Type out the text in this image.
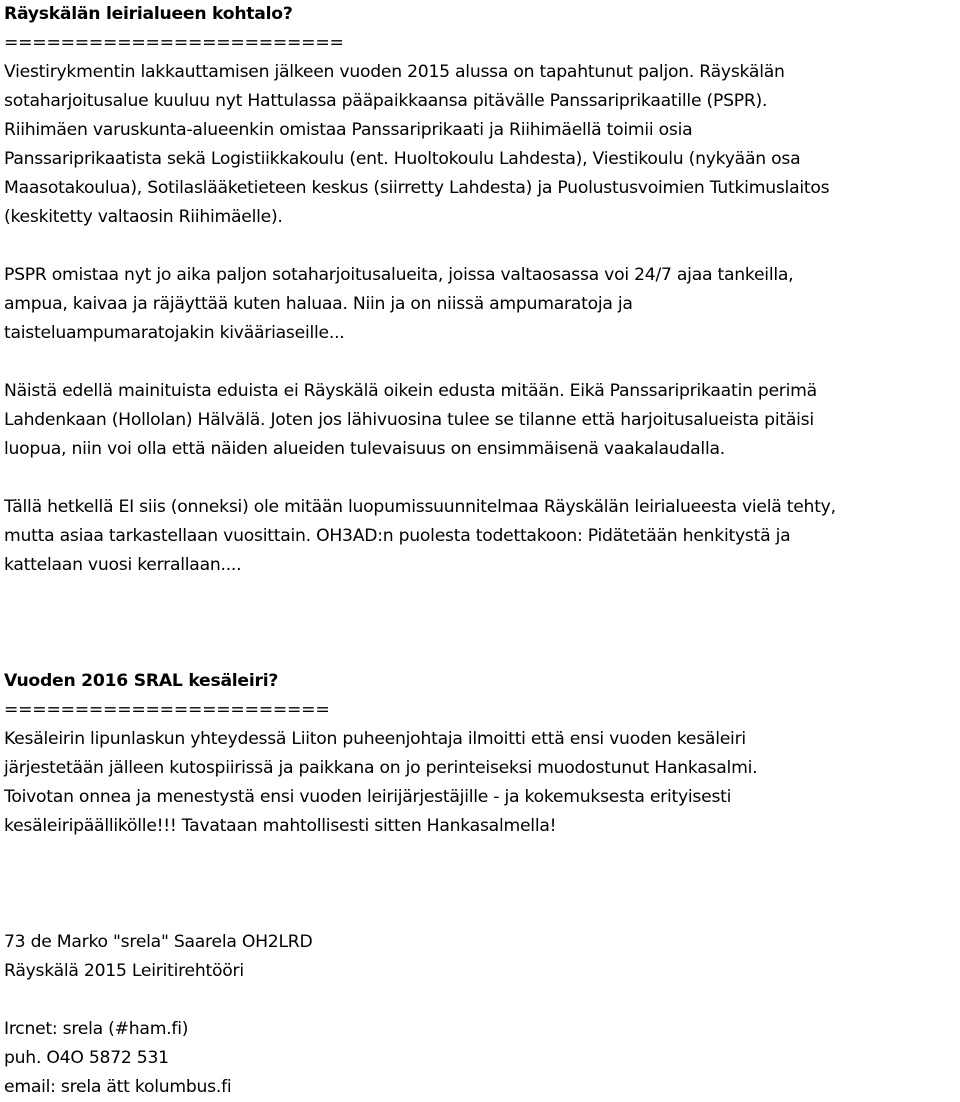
Räyskälän leirialueen kohtalo?
========================
Viestirykmentin lakkauttamisen jälkeen vuoden 2015 alussa on tapahtunut paljon. Räyskälän
sotaharjoitusalue kuuluu nyt Hattulassa pääpaikkaansa pitävälle Panssariprikaatille (PSPR).
Riihimäen varuskunta-alueenkin omistaa Panssariprikaati ja Riihimäellä toimii osia
Panssariprikaatista sekä Logistiikkakoulu (ent. Huoltokoulu Lahdesta), Viestikoulu (nykyään osa
Maasotakoulua), Sotilaslääketieteen keskus (siirretty Lahdesta) ja Puolustusvoimien Tutkimuslaitos
(keskitetty valtaosin Riihimäelle).
PSPR omistaa nyt jo aika paljon sotaharjoitusalueita, joissa valtaosassa voi 24/7 ajaa tankeilla,
ampua, kaivaa ja räjäyttää kuten haluaa. Niin ja on niissä ampumaratoja ja
taisteluampumaratojakin kivääriaseille...
Näistä edellä mainituista eduista ei Räyskälä oikein edusta mitään. Eikä Panssariprikaatin perimä
Lahdenkaan (Hollolan) Hälvälä. Joten jos lähivuosina tulee se tilanne että harjoitusalueista pitäisi
luopua, niin voi olla että näiden alueiden tulevaisuus on ensimmäisenä vaakalaudalla.
Tällä hetkellä EI siis (onneksi) ole mitään luopumissuunnitelmaa Räyskälän leirialueesta vielä tehty,
mutta asiaa tarkastellaan vuosittain. OH3AD:n puolesta todettakoon: Pidätetään henkitystä ja
kattelaan vuosi kerrallaan....
Vuoden 2016 SRAL kesäleiri?
=======================
Kesäleirin lipunlaskun yhteydessä Liiton puheenjohtaja ilmoitti että ensi vuoden kesäleiri
järjestetään jälleen kutospiirissä ja paikkana on jo perinteiseksi muodostunut Hankasalmi.
Toivotan onnea ja menestystä ensi vuoden leirijärjestäjille - ja kokemuksesta erityisesti
kesäleiripäällikölle!!! Tavataan mahtollisesti sitten Hankasalmella!
73 de Marko "srela" Saarela OH2LRD
Räyskälä 2015 Leiritirehtööri
Ircnet: srela (#ham.fi)
puh. O4O 5872 531
email: srela ätt kolumbus.fi
